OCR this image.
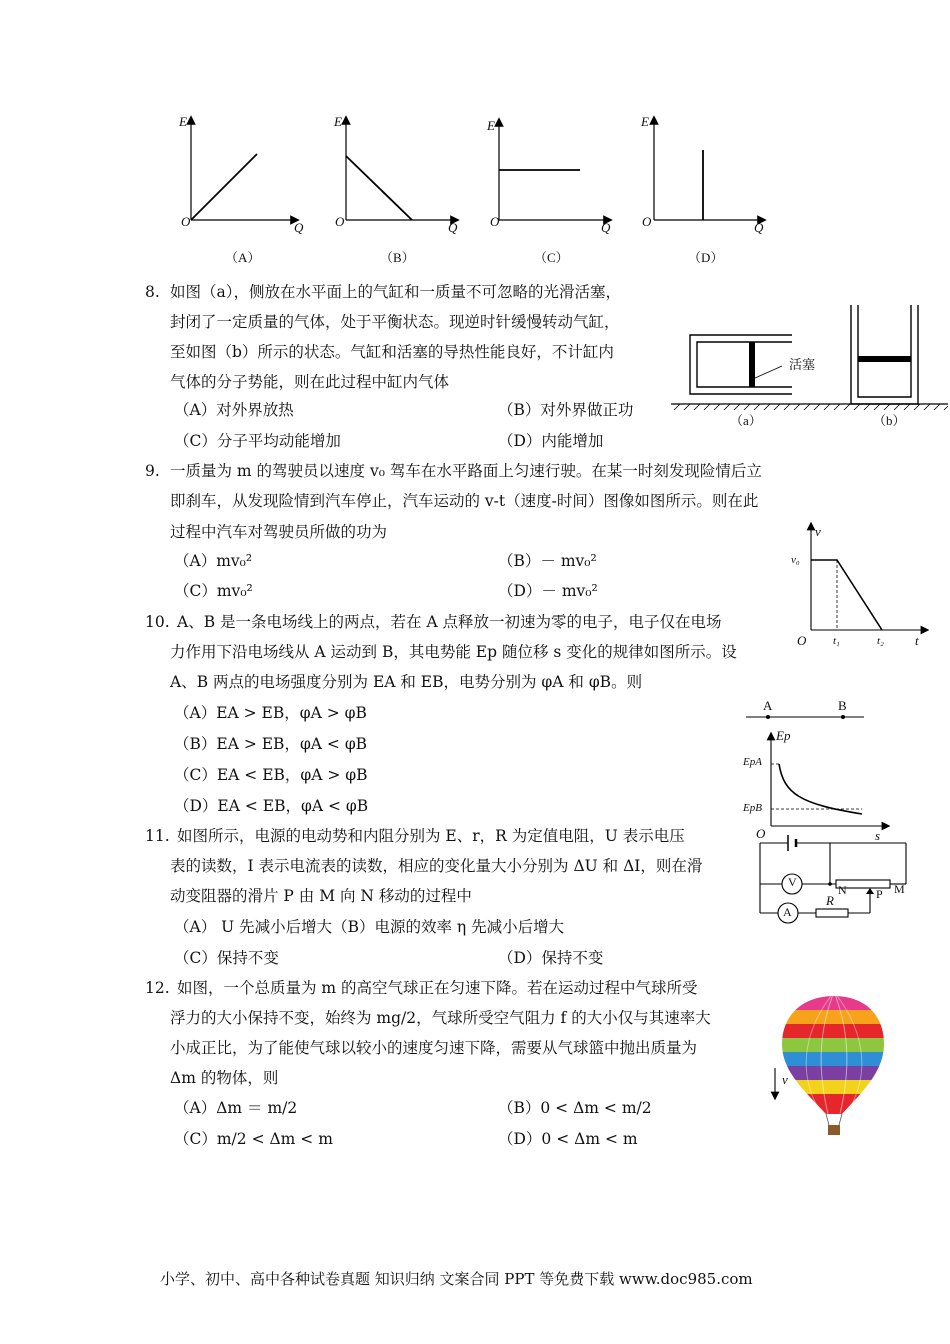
E
O	Q
E
O	Q
E
O	Q
E
O	Q
（A）	（B）	（C）	（D）
8. 如图（a），侧放在水平面上的气缸和一质量不可忽略的光滑活塞，
封闭了一定质量的气体，处于平衡状态。现逆时针缓慢转动气缸，
至如图（b）所示的状态。气缸和活塞的导热性能良好，不计缸内
气体的分子势能，则在此过程中缸内气体
（A）对外界放热	（B）对外界做正功
（C）分子平均动能增加	（D）内能增加
活塞
（a）	（b）
9. 一质量为 m 的驾驶员以速度 v₀ 驾车在水平路面上匀速行驶。在某一时刻发现险情后立
即刹车，从发现险情到汽车停止，汽车运动的 v-t（速度-时间）图像如图所示。则在此
过程中汽车对驾驶员所做的功为
（A）mv₀²	（B）－ mv₀²
（C）mv₀²	（D）－ mv₀²
v
v₀
O t₁	t₂ t
10. A、B 是一条电场线上的两点，若在 A 点释放一初速为零的电子，电子仅在电场
力作用下沿电场线从 A 运动到 B，其电势能 Ep 随位移 s 变化的规律如图所示。设
A、B 两点的电场强度分别为 EA 和 EB，电势分别为 φA 和 φB。则
（A）EA > EB，φA > φB
（B）EA > EB，φA < φB
（C）EA < EB，φA > φB
（D）EA < EB，φA < φB
A	B
Ep
EpA
EpB
O	s
11. 如图所示，电源的电动势和内阻分别为 E、r，R 为定值电阻，U 表示电压
表的读数，I 表示电流表的读数，相应的变化量大小分别为 ΔU 和 ΔI，则在滑
动变阻器的滑片 P 由 M 向 N 移动的过程中
（A） U 先减小后增大（B）电源的效率 η 先减小后增大
（C）保持不变	（D）保持不变
V
A
R
N P M
12. 如图，一个总质量为 m 的高空气球正在匀速下降。若在运动过程中气球所受
浮力的大小保持不变，始终为 mg/2，气球所受空气阻力 f 的大小仅与其速率大
小成正比，为了能使气球以较小的速度匀速下降，需要从气球篮中抛出质量为
Δm 的物体，则
（A）Δm ＝ m/2	（B）0 < Δm < m/2
（C）m/2 < Δm < m	（D）0 < Δm < m
v
小学、初中、高中各种试卷真题 知识归纳 文案合同 PPT 等免费下载 www.doc985.com
